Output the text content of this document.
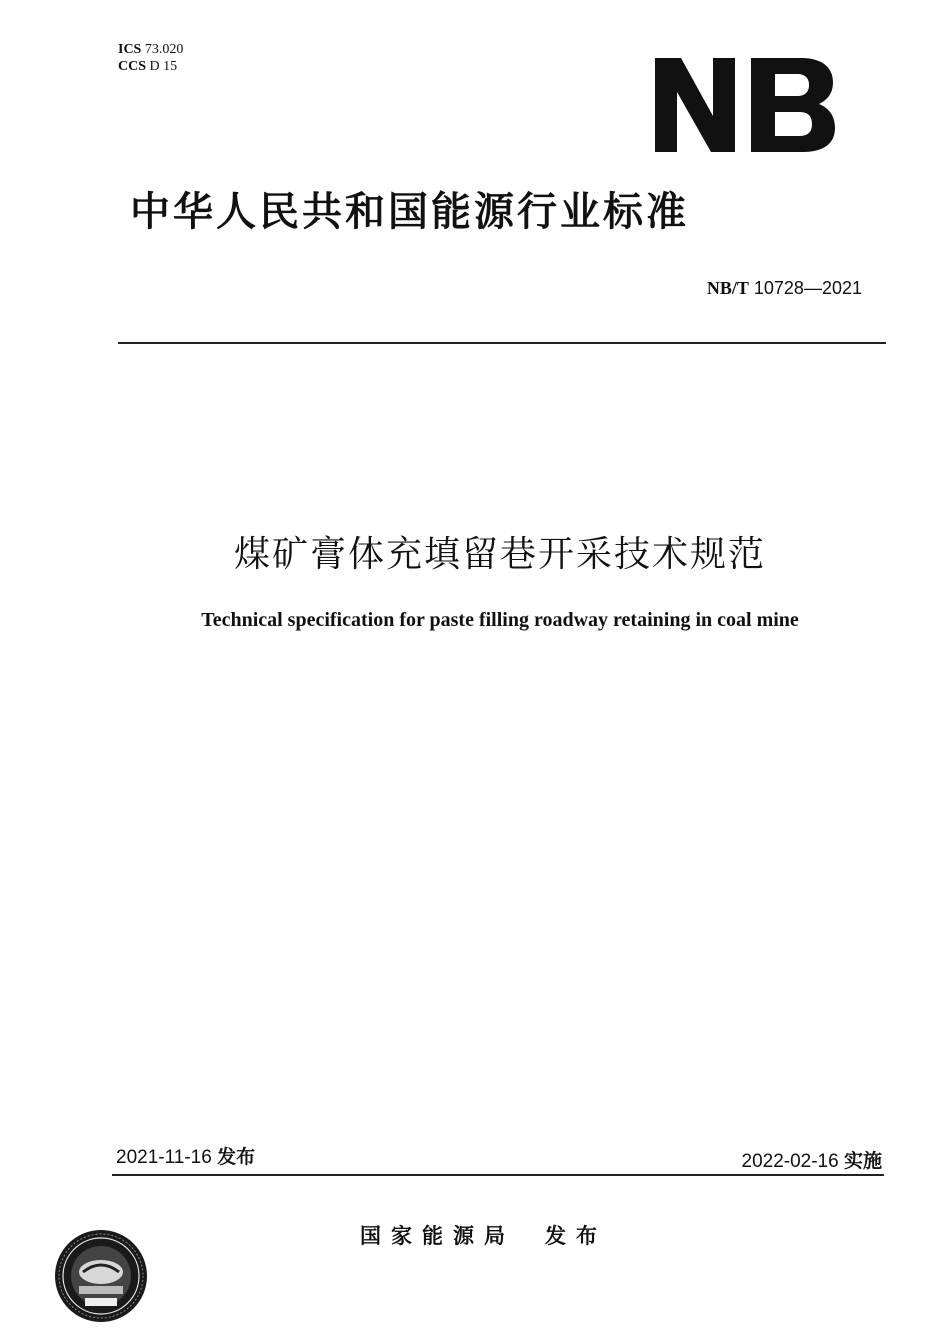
ICS 73.020
CCS D 15
中华人民共和国能源行业标准
NB/T 10728—2021
煤矿膏体充填留巷开采技术规范
Technical specification for paste filling roadway retaining in coal mine
2021-11-16 发布	2022-02-16 实施
国家能源局 发布
